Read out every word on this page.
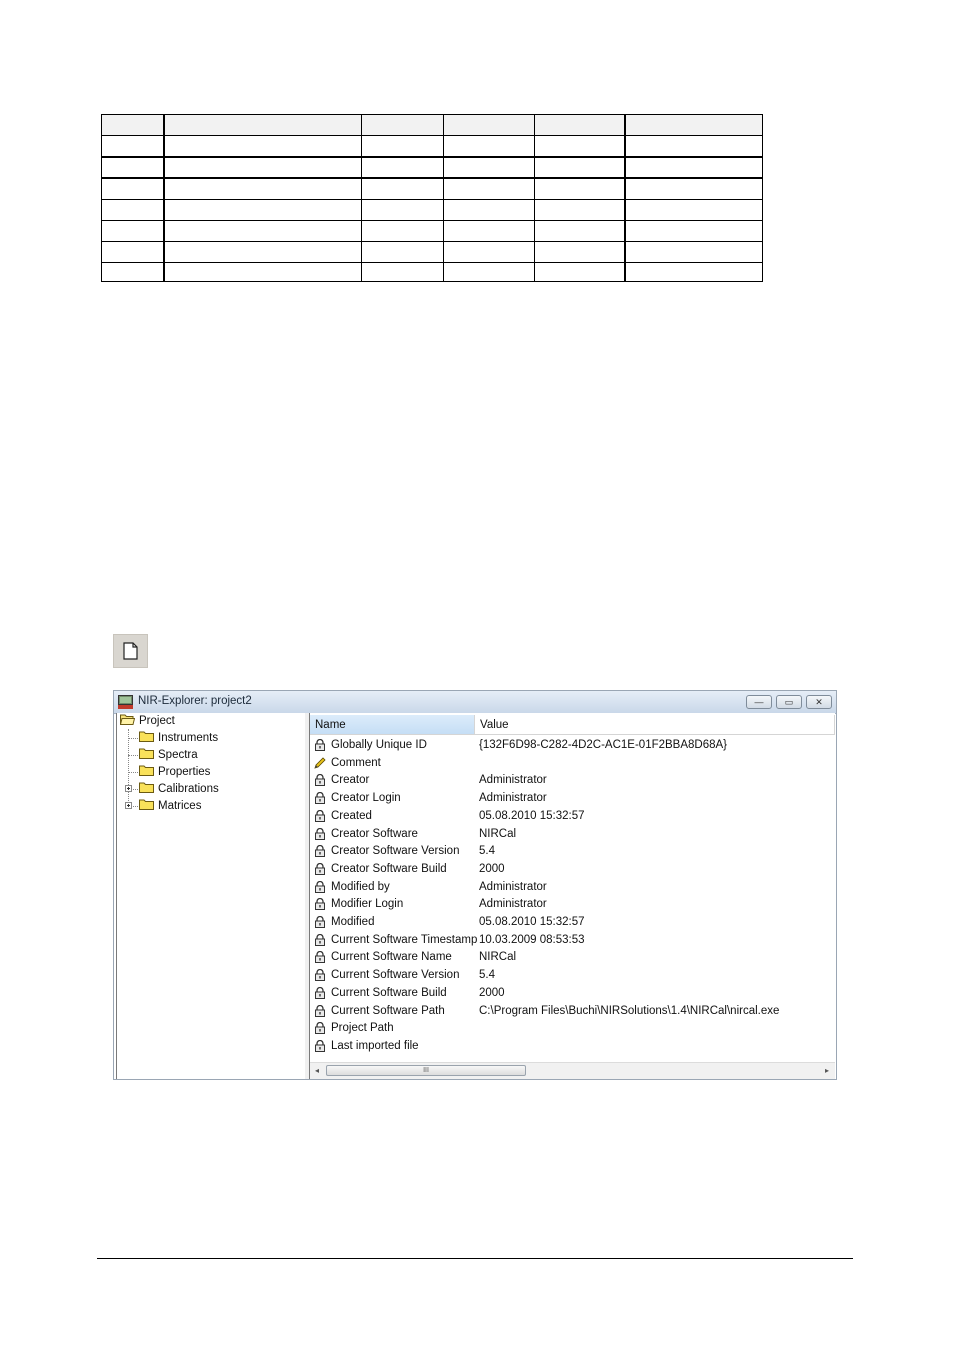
NIR-Explorer: project2	—	▭	✕
Project
Instruments
Spectra
Properties
Calibrations
Matrices
Name	Value
Globally Unique ID	{132F6D98-C282-4D2C-AC1E-01F2BBA8D68A}
Comment
Creator	Administrator
Creator Login	Administrator
Created	05.08.2010 15:32:57
Creator Software	NIRCal
Creator Software Version 5.4
Creator Software Build	2000
Modified by	Administrator
Modifier Login	Administrator
Modified	05.08.2010 15:32:57
Current Software Timestamp 10.03.2009 08:53:53
Current Software Name NIRCal
Current Software Version 5.4
Current Software Build	2000
Current Software Path	C:\Program Files\Buchi\NIRSolutions\1.4\NIRCal\nircal.exe
Project Path
Last imported file
◂	III	▸
